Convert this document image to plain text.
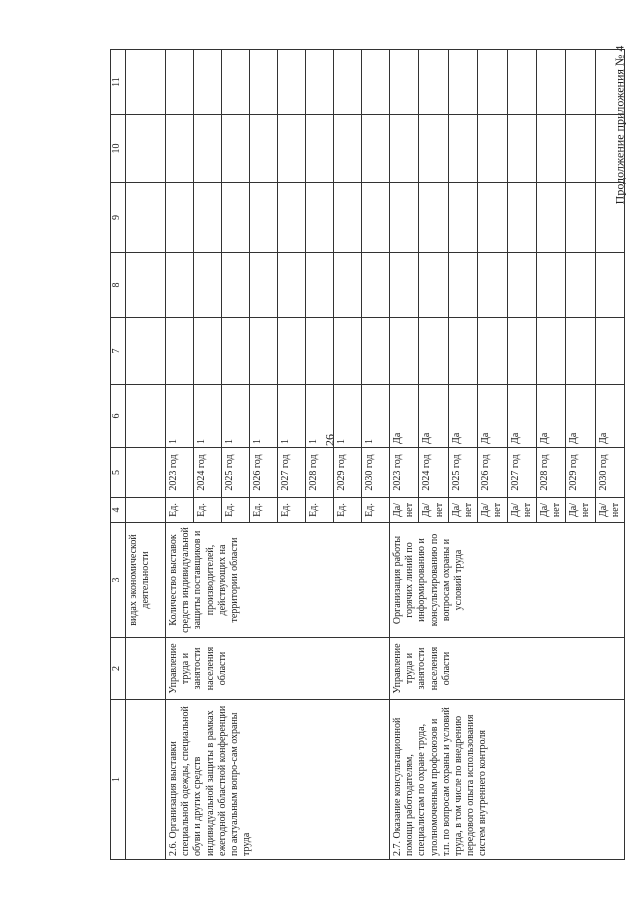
26
Продолжение приложения № 4
1	2	3	4	5	6	7	8	9	10	11
		видах экономической деятельности								
2.6. Организация выставки специальной одежды, специальной обуви и других средств индивидуальной защиты в рамках ежегодной областной конференции по актуальным вопро-сам охраны труда	Управление труда и занятости населения области	Количество выставок средств индивидуальной защиты поставщиков и производителей, действующих на территории области	Ед.	2023 год	1					
			Ед.	2024 год	1					
			Ед.	2025 год	1					
			Ед.	2026 год	1					
			Ед.	2027 год	1					
			Ед.	2028 год	1					
			Ед.	2029 год	1					
			Ед.	2030 год	1					
2.7. Оказание консультационной помощи работодателям, специалистам по охране труда, уполномоченным профсоюзов и т.п. по вопросам охраны и условий труда, в том числе по внедрению передового опыта использования систем внутреннего контроля	Управление труда и занятости населения области	Организация работы горячих линий по информированию и консультированию по вопросам охраны и условий труда	Да/ нет	2023 год	Да					
			Да/ нет	2024 год	Да					
			Да/ нет	2025 год	Да					
			Да/ нет	2026 год	Да					
			Да/ нет	2027 год	Да					
			Да/ нет	2028 год	Да					
			Да/ нет	2029 год	Да					
			Да/ нет	2030 год	Да					
